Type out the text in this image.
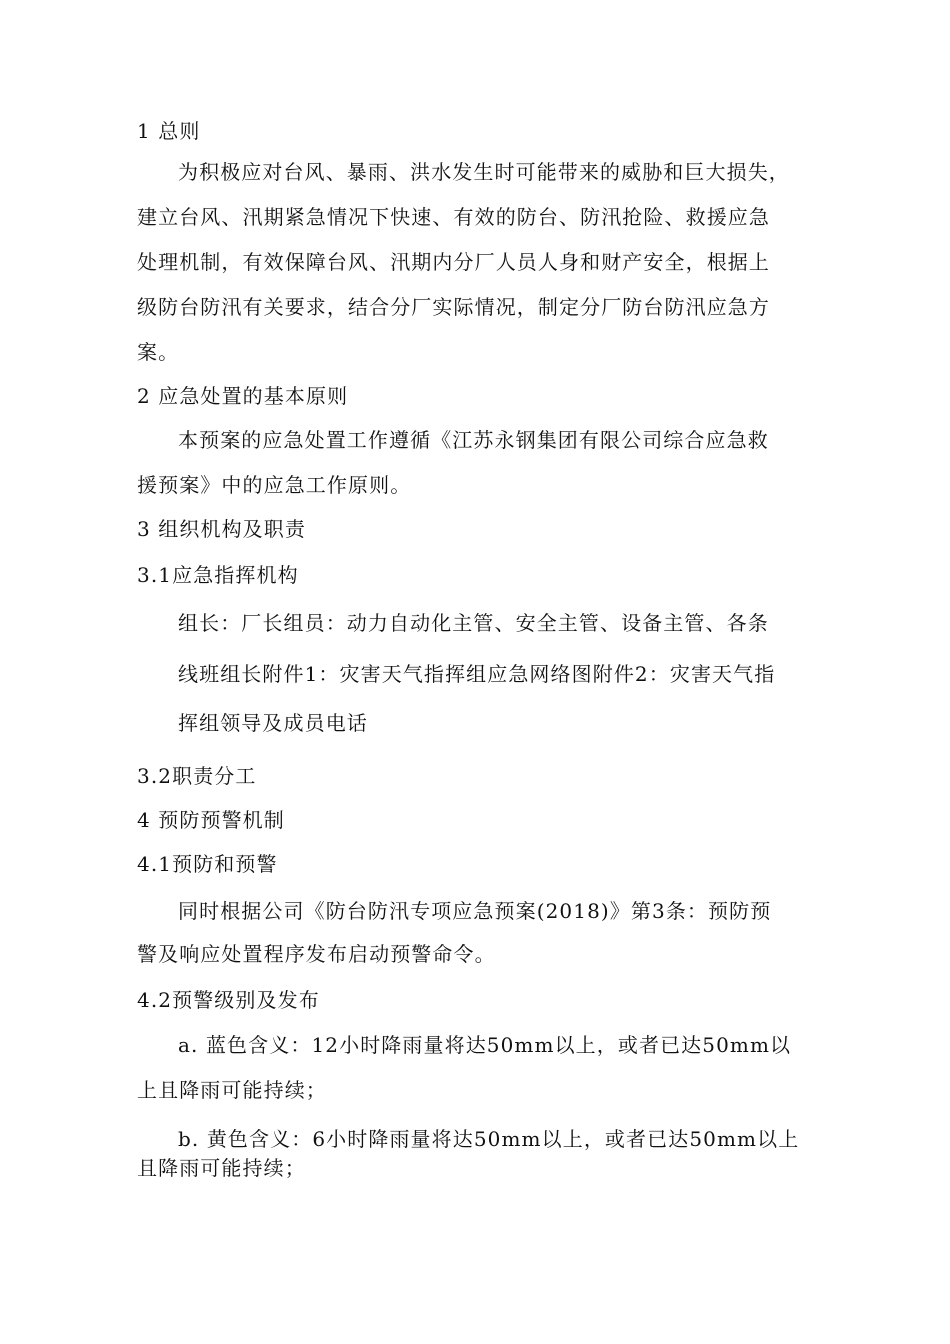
1 总则
为积极应对台风、暴雨、洪水发生时可能带来的威胁和巨大损失，
建立台风、汛期紧急情况下快速、有效的防台、防汛抢险、救援应急
处理机制，有效保障台风、汛期内分厂人员人身和财产安全，根据上
级防台防汛有关要求，结合分厂实际情况，制定分厂防台防汛应急方
案。
2 应急处置的基本原则
本预案的应急处置工作遵循《江苏永钢集团有限公司综合应急救
援预案》中的应急工作原则。
3 组织机构及职责
3.1应急指挥机构
组长：厂长组员：动力自动化主管、安全主管、设备主管、各条
线班组长附件1：灾害天气指挥组应急网络图附件2：灾害天气指
挥组领导及成员电话
3.2职责分工
4 预防预警机制
4.1预防和预警
同时根据公司《防台防汛专项应急预案(2018)》第3条：预防预
警及响应处置程序发布启动预警命令。
4.2预警级别及发布
a. 蓝色含义：12小时降雨量将达50mm以上，或者已达50mm以
上且降雨可能持续；
b. 黄色含义：6小时降雨量将达50mm以上，或者已达50mm以上
且降雨可能持续；
